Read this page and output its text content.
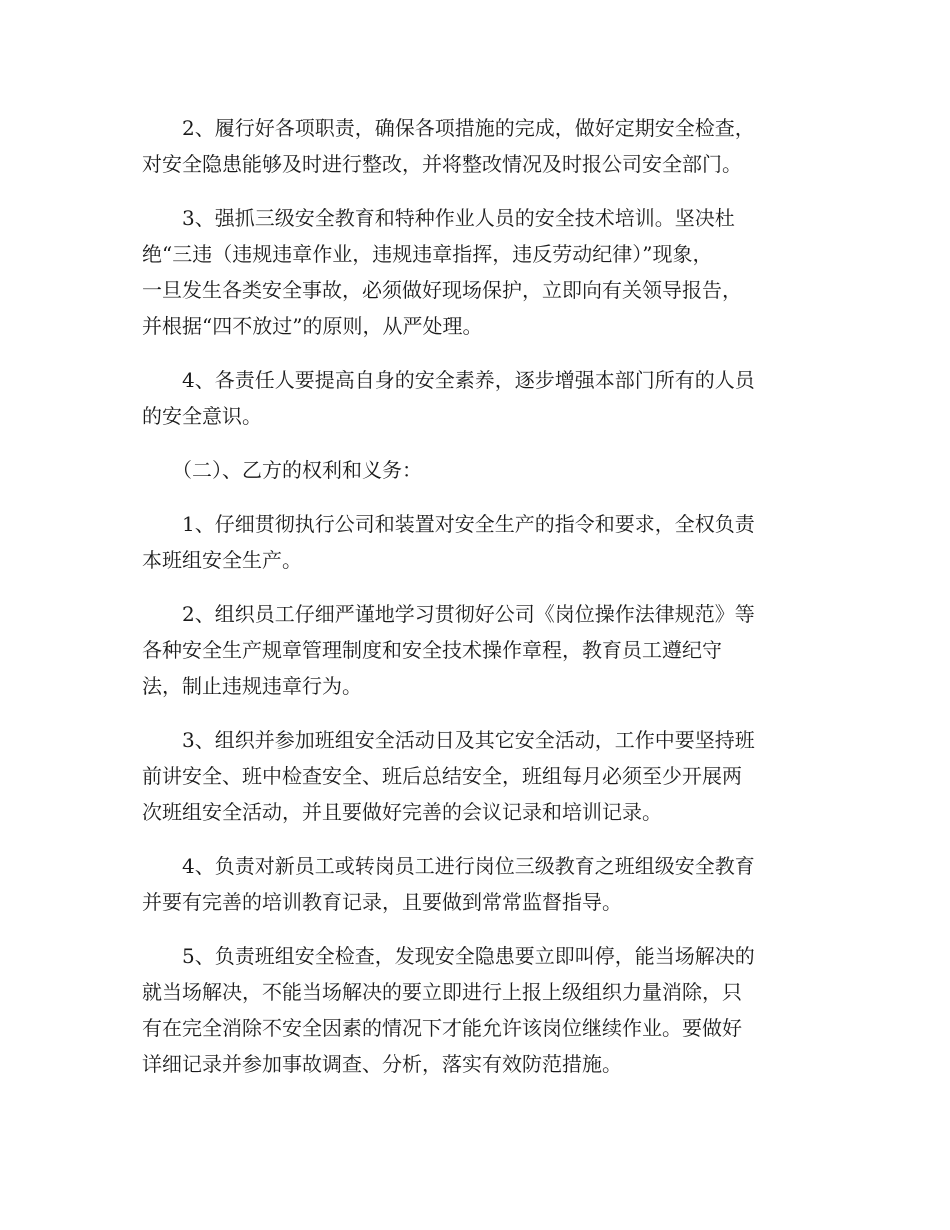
2、履行好各项职责，确保各项措施的完成，做好定期安全检查，
对安全隐患能够及时进行整改，并将整改情况及时报公司安全部门。

3、强抓三级安全教育和特种作业人员的安全技术培训。坚决杜
绝“三违（违规违章作业，违规违章指挥，违反劳动纪律）”现象，
一旦发生各类安全事故，必须做好现场保护，立即向有关领导报告，
并根据“四不放过”的原则，从严处理。

4、各责任人要提高自身的安全素养，逐步增强本部门所有的人员
的安全意识。

（二）、乙方的权利和义务：

1、仔细贯彻执行公司和装置对安全生产的指令和要求，全权负责
本班组安全生产。

2、组织员工仔细严谨地学习贯彻好公司《岗位操作法律规范》等
各种安全生产规章管理制度和安全技术操作章程，教育员工遵纪守
法，制止违规违章行为。

3、组织并参加班组安全活动日及其它安全活动，工作中要坚持班
前讲安全、班中检查安全、班后总结安全，班组每月必须至少开展两
次班组安全活动，并且要做好完善的会议记录和培训记录。

4、负责对新员工或转岗员工进行岗位三级教育之班组级安全教育
并要有完善的培训教育记录，且要做到常常监督指导。

5、负责班组安全检查，发现安全隐患要立即叫停，能当场解决的
就当场解决，不能当场解决的要立即进行上报上级组织力量消除，只
有在完全消除不安全因素的情况下才能允许该岗位继续作业。要做好
详细记录并参加事故调查、分析，落实有效防范措施。
